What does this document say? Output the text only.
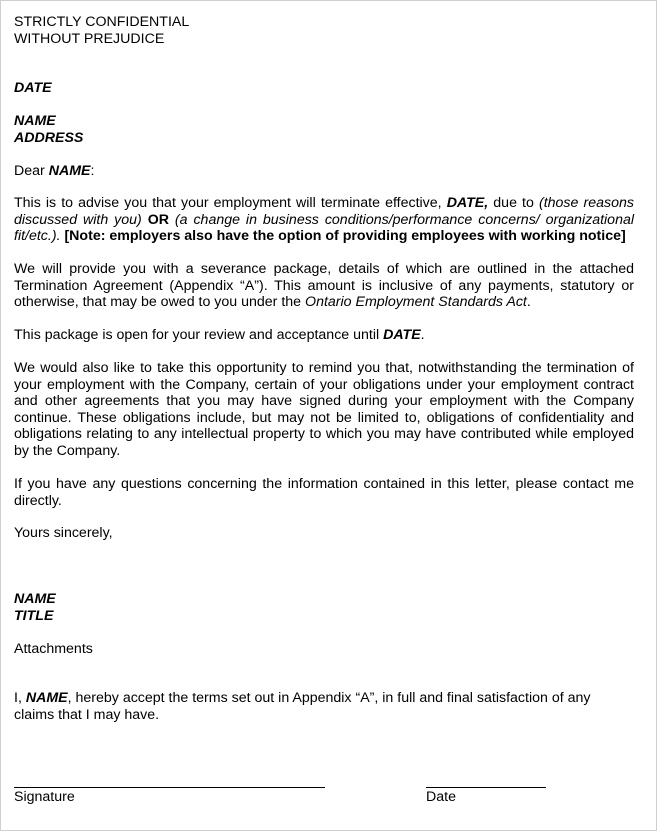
STRICTLY CONFIDENTIAL

WITHOUT PREJUDICE

DATE

NAME

ADDRESS

Dear NAME:

This is to advise you that your employment will terminate effective, DATE, due to (those reasons discussed with you) OR (a change in business conditions/performance concerns/ organizational fit/etc.). [Note: employers also have the option of providing employees with working notice]

We will provide you with a severance package, details of which are outlined in the attached Termination Agreement (Appendix “A”). This amount is inclusive of any payments, statutory or otherwise, that may be owed to you under the Ontario Employment Standards Act.

This package is open for your review and acceptance until DATE.

We would also like to take this opportunity to remind you that, notwithstanding the termination of your employment with the Company, certain of your obligations under your employment contract and other agreements that you may have signed during your employment with the Company continue. These obligations include, but may not be limited to, obligations of confidentiality and obligations relating to any intellectual property to which you may have contributed while employed by the Company.

If you have any questions concerning the information contained in this letter, please contact me directly.

Yours sincerely,

NAME

TITLE

Attachments

I, NAME, hereby accept the terms set out in Appendix “A”, in full and final satisfaction of any claims that I may have.

Signature	Date
